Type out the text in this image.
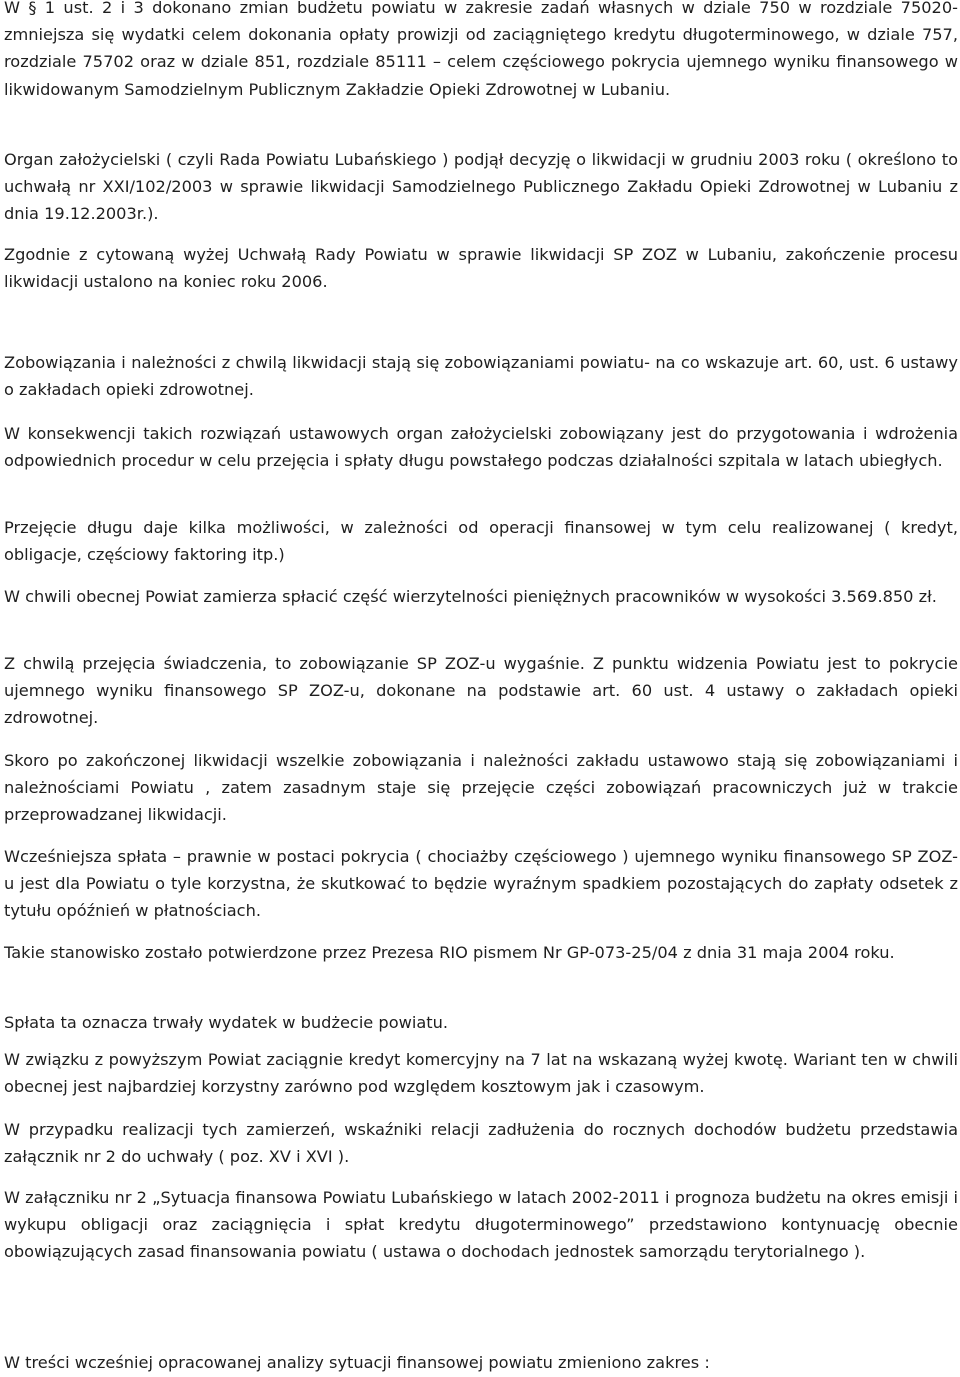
W § 1 ust. 2 i 3 dokonano zmian budżetu powiatu w zakresie zadań własnych w dziale 750 w rozdziale 75020- zmniejsza się wydatki celem dokonania opłaty prowizji od zaciągniętego kredytu długoterminowego, w dziale 757, rozdziale 75702 oraz w dziale 851, rozdziale 85111 – celem częściowego pokrycia ujemnego wyniku finansowego w likwidowanym Samodzielnym Publicznym Zakładzie Opieki Zdrowotnej w Lubaniu.

Organ założycielski ( czyli Rada Powiatu Lubańskiego ) podjął decyzję o likwidacji w grudniu 2003 roku ( określono to uchwałą nr XXI/102/2003 w sprawie likwidacji Samodzielnego Publicznego Zakładu Opieki Zdrowotnej w Lubaniu z dnia 19.12.2003r.).

Zgodnie z cytowaną wyżej Uchwałą Rady Powiatu w sprawie likwidacji SP ZOZ w Lubaniu, zakończenie procesu likwidacji ustalono na koniec roku 2006.

Zobowiązania i należności z chwilą likwidacji stają się zobowiązaniami powiatu- na co wskazuje art. 60, ust. 6 ustawy o zakładach opieki zdrowotnej.

W konsekwencji takich rozwiązań ustawowych organ założycielski zobowiązany jest do przygotowania i wdrożenia odpowiednich procedur w celu przejęcia i spłaty długu powstałego podczas działalności szpitala w latach ubiegłych.

Przejęcie długu daje kilka możliwości, w zależności od operacji finansowej w tym celu realizowanej ( kredyt, obligacje, częściowy faktoring itp.)

W chwili obecnej Powiat zamierza spłacić część wierzytelności pieniężnych pracowników w wysokości 3.569.850 zł.

Z chwilą przejęcia świadczenia, to zobowiązanie SP ZOZ-u wygaśnie. Z punktu widzenia Powiatu jest to pokrycie ujemnego wyniku finansowego SP ZOZ-u, dokonane na podstawie art. 60 ust. 4 ustawy o zakładach opieki zdrowotnej.

Skoro po zakończonej likwidacji wszelkie zobowiązania i należności zakładu ustawowo stają się zobowiązaniami i należnościami Powiatu , zatem zasadnym staje się przejęcie części zobowiązań pracowniczych już w trakcie przeprowadzanej likwidacji.

Wcześniejsza spłata – prawnie w postaci pokrycia ( chociażby częściowego ) ujemnego wyniku finansowego SP ZOZ-u jest dla Powiatu o tyle korzystna, że skutkować to będzie wyraźnym spadkiem pozostających do zapłaty odsetek z tytułu opóźnień w płatnościach.

Takie stanowisko zostało potwierdzone przez Prezesa RIO pismem Nr GP-073-25/04 z dnia 31 maja 2004 roku.

Spłata ta oznacza trwały wydatek w budżecie powiatu.

W związku z powyższym Powiat zaciągnie kredyt komercyjny na 7 lat na wskazaną wyżej kwotę. Wariant ten w chwili obecnej jest najbardziej korzystny zarówno pod względem kosztowym jak i czasowym.

W przypadku realizacji tych zamierzeń, wskaźniki relacji zadłużenia do rocznych dochodów budżetu przedstawia załącznik nr 2 do uchwały ( poz. XV i XVI ).

W załączniku nr 2 „Sytuacja finansowa Powiatu Lubańskiego w latach 2002-2011 i prognoza budżetu na okres emisji i wykupu obligacji oraz zaciągnięcia i spłat kredytu długoterminowego” przedstawiono kontynuację obecnie obowiązujących zasad finansowania powiatu ( ustawa o dochodach jednostek samorządu terytorialnego ).

W treści wcześniej opracowanej analizy sytuacji finansowej powiatu zmieniono zakres :
